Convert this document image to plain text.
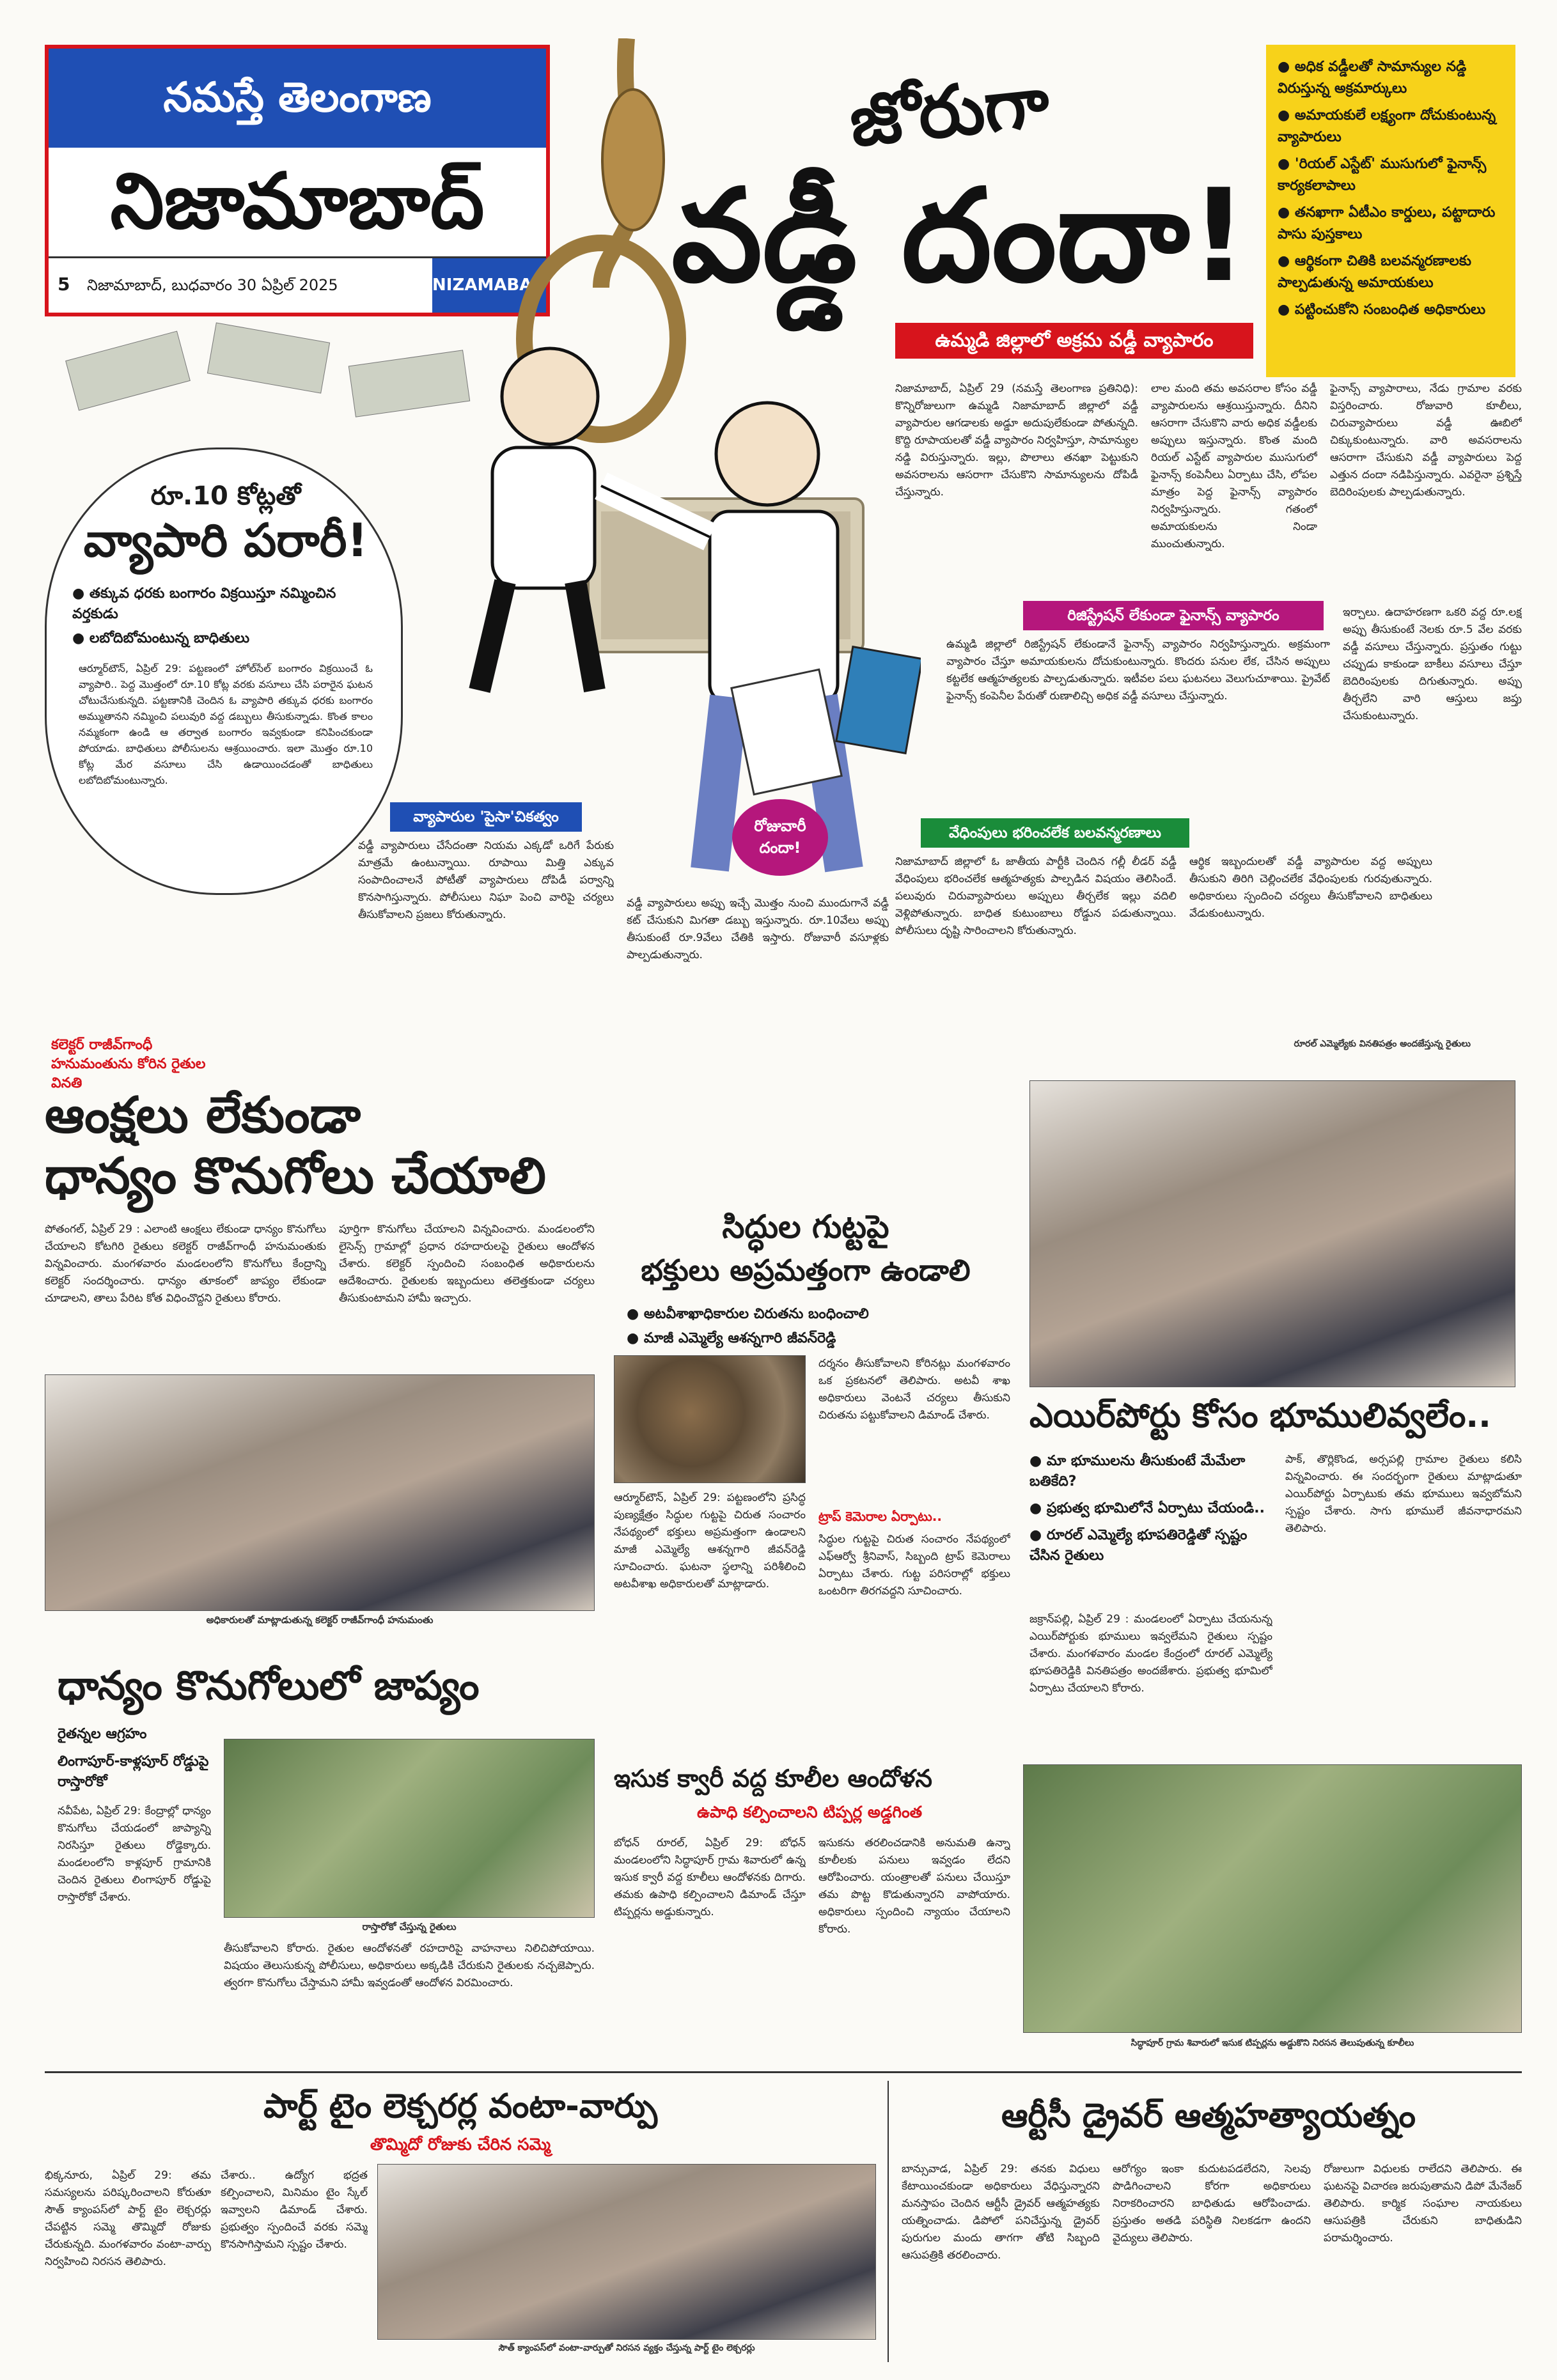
నమస్తే తెలంగాణ
నిజామాబాద్
5 నిజామాబాద్, బుధవారం 30 ఏప్రిల్ 2025	NIZAMABAD
జోరుగా
వడ్డీ దందా!
ఉమ్మడి జిల్లాలో అక్రమ వడ్డీ వ్యాపారం
● అధిక వడ్డీలతో సామాన్యుల నడ్డి విరుస్తున్న అక్రమార్కులు
● అమాయకులే లక్ష్యంగా దోచుకుంటున్న వ్యాపారులు
● 'రియల్ ఎస్టేట్' ముసుగులో ఫైనాన్స్ కార్యకలాపాలు
● తనఖాగా ఏటీఎం కార్డులు, పట్టాదారు పాసు పుస్తకాలు
● ఆర్థికంగా చితికి బలవన్మరణాలకు పాల్పడుతున్న అమాయకులు
● పట్టించుకోని సంబంధిత అధికారులు
నిజామాబాద్, ఏప్రిల్ 29 (నమస్తే తెలంగాణ ప్రతినిధి): కొన్నిరోజులుగా ఉమ్మడి నిజామాబాద్ జిల్లాలో వడ్డీ వ్యాపారుల ఆగడాలకు అడ్డూ అదుపులేకుండా పోతున్నది. కొద్ది రూపాయలతో వడ్డీ వ్యాపారం నిర్వహిస్తూ, సామాన్యుల నడ్డి విరుస్తున్నారు. ఇల్లు, పొలాలు తనఖా పెట్టుకుని అవసరాలను ఆసరాగా చేసుకొని సామాన్యులను దోపిడీ చేస్తున్నారు.
లాల మంది తమ అవసరాల కోసం వడ్డీ వ్యాపారులను ఆశ్రయిస్తున్నారు. దీనిని ఆసరాగా చేసుకొని వారు అధిక వడ్డీలకు అప్పులు ఇస్తున్నారు. కొంత మంది రియల్ ఎస్టేట్ వ్యాపారుల ముసుగులో ఫైనాన్స్ కంపెనీలు ఏర్పాటు చేసి, లోపల మాత్రం పెద్ద ఫైనాన్స్ వ్యాపారం నిర్వహిస్తున్నారు. గతంలో అమాయకులను నిండా ముంచుతున్నారు.
ఫైనాన్స్ వ్యాపారాలు, నేడు గ్రామాల వరకు విస్తరించారు. రోజువారి కూలీలు, చిరువ్యాపారులు వడ్డీ ఊబిలో చిక్కుకుంటున్నారు. వారి అవసరాలను ఆసరాగా చేసుకుని వడ్డీ వ్యాపారులు పెద్ద ఎత్తున దందా నడిపిస్తున్నారు. ఎవరైనా ప్రశ్నిస్తే బెదిరింపులకు పాల్పడుతున్నారు.
రిజిస్ట్రేషన్ లేకుండా ఫైనాన్స్ వ్యాపారం
ఉమ్మడి జిల్లాలో రిజిస్ట్రేషన్ లేకుండానే ఫైనాన్స్ వ్యాపారం నిర్వహిస్తున్నారు. అక్రమంగా వ్యాపారం చేస్తూ అమాయకులను దోచుకుంటున్నారు. కొందరు పనుల లేక, చేసిన అప్పులు కట్టలేక ఆత్మహత్యలకు పాల్పడుతున్నారు. ఇటీవల పలు ఘటనలు వెలుగుచూశాయి. ప్రైవేట్ ఫైనాన్స్ కంపెనీల పేరుతో రుణాలిచ్చి అధిక వడ్డీ వసూలు చేస్తున్నారు.
ఇర్చాలు. ఉదాహరణగా ఒకరి వద్ద రూ.లక్ష అప్పు తీసుకుంటే నెలకు రూ.5 వేల వరకు వడ్డీ వసూలు చేస్తున్నారు. ప్రస్తుతం గుట్టు చప్పుడు కాకుండా బాకీలు వసూలు చేస్తూ బెదిరింపులకు దిగుతున్నారు. అప్పు తీర్చలేని వారి ఆస్తులు జప్తు చేసుకుంటున్నారు.
వ్యాపారుల 'పైసా'చికత్వం
వడ్డీ వ్యాపారులు చేసేదంతా నియమ ఎక్కడో ఒరిగే పేరుకు మాత్రమే ఉంటున్నాయి. రూపాయి మిత్తి ఎక్కువ సంపాదించాలనే పోటీతో వ్యాపారులు దోపిడీ పర్వాన్ని కొనసాగిస్తున్నారు. పోలీసులు నిఘా పెంచి వారిపై చర్యలు తీసుకోవాలని ప్రజలు కోరుతున్నారు.
వడ్డీ వ్యాపారులు అప్పు ఇచ్చే మొత్తం నుంచి ముందుగానే వడ్డీ కట్ చేసుకుని మిగతా డబ్బు ఇస్తున్నారు. రూ.10వేలు అప్పు తీసుకుంటే రూ.9వేలు చేతికి ఇస్తారు. రోజువారీ వసూళ్లకు పాల్పడుతున్నారు.
రోజువారీ దందా!
వేధింపులు భరించలేక బలవన్మరణాలు
నిజామాబాద్ జిల్లాలో ఓ జాతీయ పార్టీకి చెందిన గల్లీ లీడర్ వడ్డీ వేధింపులు భరించలేక ఆత్మహత్యకు పాల్పడిన విషయం తెలిసిందే. పలువురు చిరువ్యాపారులు అప్పులు తీర్చలేక ఇల్లు వదిలి వెళ్లిపోతున్నారు. బాధిత కుటుంబాలు రోడ్డున పడుతున్నాయి. పోలీసులు దృష్టి సారించాలని కోరుతున్నారు.
ఆర్థిక ఇబ్బందులతో వడ్డీ వ్యాపారుల వద్ద అప్పులు తీసుకుని తిరిగి చెల్లించలేక వేధింపులకు గురవుతున్నారు. అధికారులు స్పందించి చర్యలు తీసుకోవాలని బాధితులు వేడుకుంటున్నారు.
రూ.10 కోట్లతో
వ్యాపారి పరారీ!
● తక్కువ ధరకు బంగారం విక్రయిస్తూ నమ్మించిన వర్తకుడు
● లబోదిబోమంటున్న బాధితులు
ఆర్మూర్‌టౌన్, ఏప్రిల్ 29: పట్టణంలో హోల్‌సేల్ బంగారం విక్రయించే ఓ వ్యాపారి.. పెద్ద మొత్తంలో రూ.10 కోట్ల వరకు వసూలు చేసి పరారైన ఘటన చోటుచేసుకున్నది. పట్టణానికి చెందిన ఓ వ్యాపారి తక్కువ ధరకు బంగారం అమ్ముతానని నమ్మించి పలువురి వద్ద డబ్బులు తీసుకున్నాడు. కొంత కాలం నమ్మకంగా ఉండి ఆ తర్వాత బంగారం ఇవ్వకుండా కనిపించకుండా పోయాడు. బాధితులు పోలీసులను ఆశ్రయించారు. ఇలా మొత్తం రూ.10 కోట్ల మేర వసూలు చేసి ఉడాయించడంతో బాధితులు లబోదిబోమంటున్నారు.
కలెక్టర్ రాజీవ్‌గాంధీ హనుమంతును కోరిన రైతుల వినతి
ఆంక్షలు లేకుండా
ధాన్యం కొనుగోలు చేయాలి
పోతంగల్, ఏప్రిల్ 29 : ఎలాంటి ఆంక్షలు లేకుండా ధాన్యం కొనుగోలు చేయాలని కోటగిరి రైతులు కలెక్టర్ రాజీవ్‌గాంధీ హనుమంతుకు విన్నవించారు. మంగళవారం మండలంలోని కొనుగోలు కేంద్రాన్ని కలెక్టర్ సందర్శించారు. ధాన్యం తూకంలో జాప్యం లేకుండా చూడాలని, తాలు పేరిట కోత విధించొద్దని రైతులు కోరారు.
పూర్తిగా కొనుగోలు చేయాలని విన్నవించారు. మండలంలోని లైసెన్స్ గ్రామాల్లో ప్రధాన రహదారులపై రైతులు ఆందోళన చేశారు. కలెక్టర్ స్పందించి సంబంధిత అధికారులను ఆదేశించారు. రైతులకు ఇబ్బందులు తలెత్తకుండా చర్యలు తీసుకుంటామని హామీ ఇచ్చారు.
అధికారులతో మాట్లాడుతున్న కలెక్టర్ రాజీవ్‌గాంధీ హనుమంతు
సిద్ధుల గుట్టపై
భక్తులు అప్రమత్తంగా ఉండాలి
● అటవీశాఖాధికారుల చిరుతను బంధించాలి
● మాజీ ఎమ్మెల్యే ఆశన్నగారి జీవన్‌రెడ్డి
ఆర్మూర్‌టౌన్, ఏప్రిల్ 29: పట్టణంలోని ప్రసిద్ధ పుణ్యక్షేత్రం సిద్ధుల గుట్టపై చిరుత సంచారం నేపథ్యంలో భక్తులు అప్రమత్తంగా ఉండాలని మాజీ ఎమ్మెల్యే ఆశన్నగారి జీవన్‌రెడ్డి సూచించారు. ఘటనా స్థలాన్ని పరిశీలించి అటవీశాఖ అధికారులతో మాట్లాడారు.
దర్శనం తీసుకోవాలని కోరినట్లు మంగళవారం ఒక ప్రకటనలో తెలిపారు. అటవీ శాఖ అధికారులు వెంటనే చర్యలు తీసుకుని చిరుతను పట్టుకోవాలని డిమాండ్ చేశారు.
ట్రాప్ కెమెరాల ఏర్పాటు..
సిద్ధుల గుట్టపై చిరుత సంచారం నేపథ్యంలో ఎఫ్‌ఆర్వో శ్రీనివాస్, సిబ్బంది ట్రాప్ కెమెరాలు ఏర్పాటు చేశారు. గుట్ట పరిసరాల్లో భక్తులు ఒంటరిగా తిరగవద్దని సూచించారు.
రూరల్ ఎమ్మెల్యేకు వినతిపత్రం అందజేస్తున్న రైతులు
ఎయిర్‌పోర్టు కోసం భూములివ్వలేం..
● మా భూములను తీసుకుంటే మేమేలా బతికేది?
● ప్రభుత్వ భూమిలోనే ఏర్పాటు చేయండి..
● రూరల్ ఎమ్మెల్యే భూపతిరెడ్డితో స్పష్టం చేసిన రైతులు
పాక్, తొర్లికొండ, అర్సపల్లి గ్రామాల రైతులు కలిసి విన్నవించారు. ఈ సందర్భంగా రైతులు మాట్లాడుతూ ఎయిర్‌పోర్టు ఏర్పాటుకు తమ భూములు ఇవ్వబోమని స్పష్టం చేశారు. సాగు భూములే జీవనాధారమని తెలిపారు.
జక్రాన్‌పల్లి, ఏప్రిల్ 29 : మండలంలో ఏర్పాటు చేయనున్న ఎయిర్‌పోర్టుకు భూములు ఇవ్వలేమని రైతులు స్పష్టం చేశారు. మంగళవారం మండల కేంద్రంలో రూరల్ ఎమ్మెల్యే భూపతిరెడ్డికి వినతిపత్రం అందజేశారు. ప్రభుత్వ భూమిలో ఏర్పాటు చేయాలని కోరారు.
ధాన్యం కొనుగోలులో జాప్యం
రైతన్నల ఆగ్రహం
లింగాపూర్-కాళ్లపూర్ రోడ్డుపై రాస్తారోకో
నవీపేట, ఏప్రిల్ 29: కేంద్రాల్లో ధాన్యం కొనుగోలు చేయడంలో జాప్యాన్ని నిరసిస్తూ రైతులు రోడ్డెక్కారు. మండలంలోని కాళ్లపూర్ గ్రామానికి చెందిన రైతులు లింగాపూర్ రోడ్డుపై రాస్తారోకో చేశారు.
రాస్తారోకో చేస్తున్న రైతులు
తీసుకోవాలని కోరారు. రైతుల ఆందోళనతో రహదారిపై వాహనాలు నిలిచిపోయాయి. విషయం తెలుసుకున్న పోలీసులు, అధికారులు అక్కడికి చేరుకుని రైతులకు నచ్చజెప్పారు. త్వరగా కొనుగోలు చేస్తామని హామీ ఇవ్వడంతో ఆందోళన విరమించారు.
ఇసుక క్వారీ వద్ద కూలీల ఆందోళన
ఉపాధి కల్పించాలని టిప్పర్ల అడ్డగింత
బోధన్ రూరల్, ఏప్రిల్ 29: బోధన్ మండలంలోని సిద్ధాపూర్ గ్రామ శివారులో ఉన్న ఇసుక క్వారీ వద్ద కూలీలు ఆందోళనకు దిగారు. తమకు ఉపాధి కల్పించాలని డిమాండ్ చేస్తూ టిప్పర్లను అడ్డుకున్నారు.
ఇసుకను తరలించడానికి అనుమతి ఉన్నా కూలీలకు పనులు ఇవ్వడం లేదని ఆరోపించారు. యంత్రాలతో పనులు చేయిస్తూ తమ పొట్ట కొడుతున్నారని వాపోయారు. అధికారులు స్పందించి న్యాయం చేయాలని కోరారు.
సిద్ధాపూర్ గ్రామ శివారులో ఇసుక టిప్పర్లను అడ్డుకొని నిరసన తెలుపుతున్న కూలీలు
పార్ట్ టైం లెక్చరర్ల వంటా-వార్పు
తొమ్మిదో రోజుకు చేరిన సమ్మె
భిక్కనూరు, ఏప్రిల్ 29: తమ సమస్యలను పరిష్కరించాలని కోరుతూ సౌత్ క్యాంపస్‌లో పార్ట్ టైం లెక్చరర్లు చేపట్టిన సమ్మె తొమ్మిదో రోజుకు చేరుకున్నది. మంగళవారం వంటా-వార్పు నిర్వహించి నిరసన తెలిపారు.
చేశారు.. ఉద్యోగ భద్రత కల్పించాలని, మినిమం టైం స్కేల్ ఇవ్వాలని డిమాండ్ చేశారు. ప్రభుత్వం స్పందించే వరకు సమ్మె కొనసాగిస్తామని స్పష్టం చేశారు.
సౌత్ క్యాంపస్‌లో వంటా-వార్పుతో నిరసన వ్యక్తం చేస్తున్న పార్ట్ టైం లెక్చరర్లు
ఆర్టీసీ డ్రైవర్ ఆత్మహత్యాయత్నం
బాన్సువాడ, ఏప్రిల్ 29: తనకు విధులు కేటాయించకుండా అధికారులు వేధిస్తున్నారని మనస్తాపం చెందిన ఆర్టీసీ డ్రైవర్ ఆత్మహత్యకు యత్నించాడు. డిపోలో పనిచేస్తున్న డ్రైవర్ పురుగుల మందు తాగగా తోటి సిబ్బంది ఆసుపత్రికి తరలించారు.
ఆరోగ్యం ఇంకా కుదుటపడలేదని, సెలవు పొడిగించాలని కోరగా అధికారులు నిరాకరించారని బాధితుడు ఆరోపించాడు. ప్రస్తుతం అతడి పరిస్థితి నిలకడగా ఉందని వైద్యులు తెలిపారు.
రోజులుగా విధులకు రాలేదని తెలిపారు. ఈ ఘటనపై విచారణ జరుపుతామని డిపో మేనేజర్ తెలిపారు. కార్మిక సంఘాల నాయకులు ఆసుపత్రికి చేరుకుని బాధితుడిని పరామర్శించారు.
